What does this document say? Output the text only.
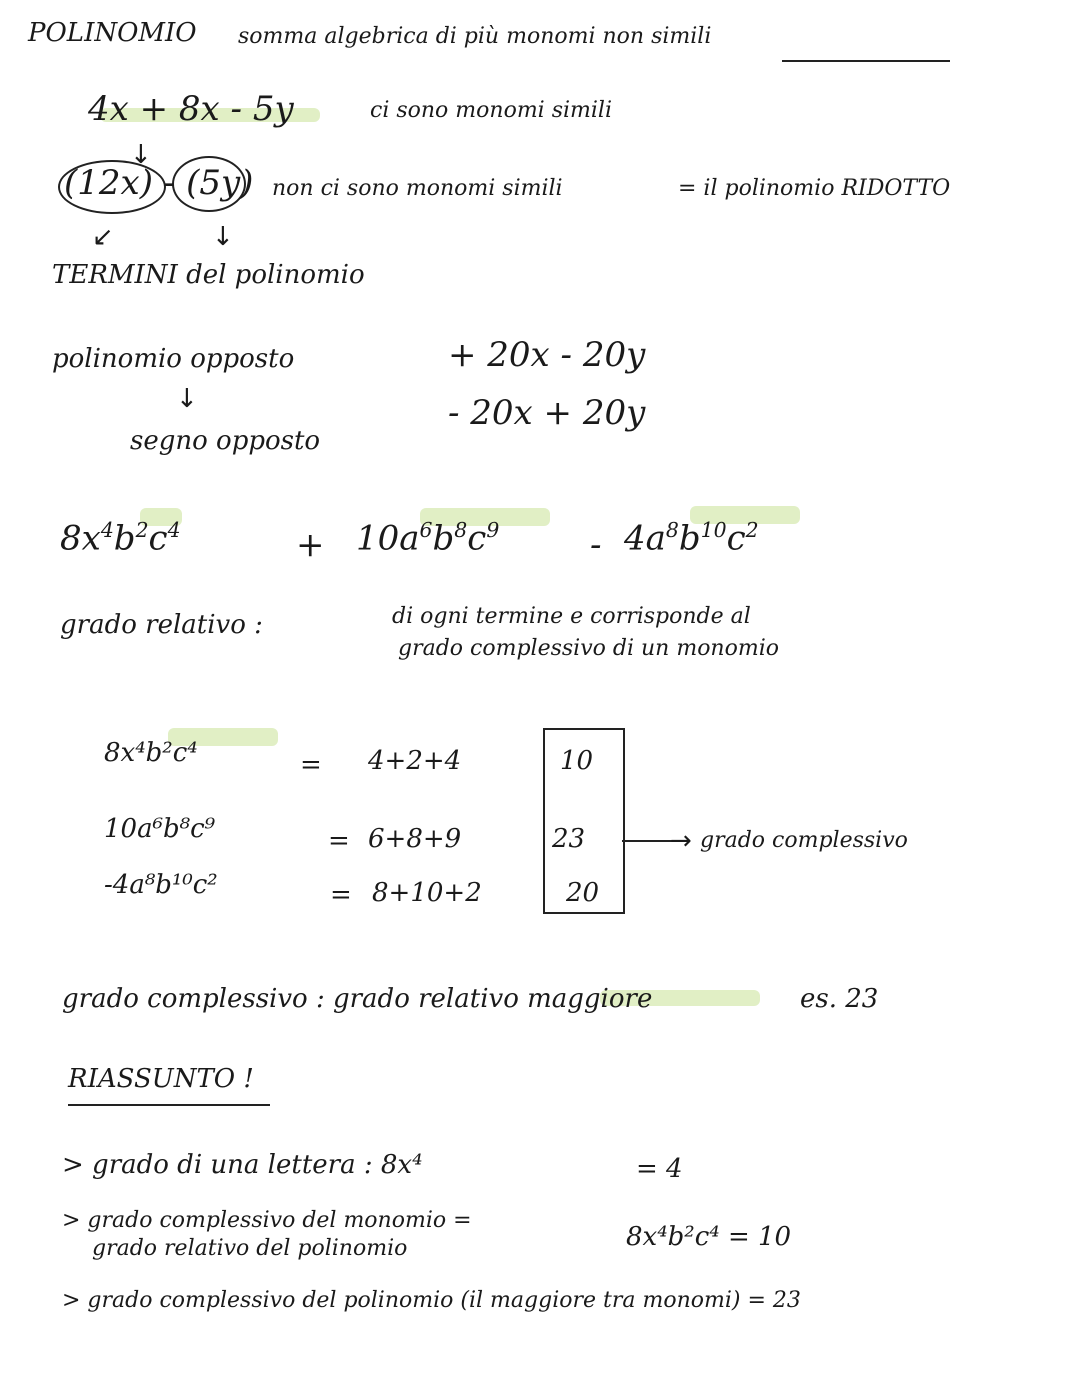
POLINOMIO somma algebrica di più monomi non simili
4x + 8x - 5y	ci sono monomi simili
↓
(12x) - (5y) non ci sono monomi simili	= il polinomio RIDOTTO
↙	↓
TERMINI del polinomio
polinomio opposto
↓
segno opposto
+ 20x - 20y
- 20x + 20y
$8x^4b^2c^4$	+ $10a^6b^8c^9$	- $4a^8b^{10}c^2$
grado relativo :	di ogni termine e corrisponde al
grado complessivo di un monomio
8x⁴b²c⁴	= 4+2+4	10
10a⁶b⁸c⁹	= 6+8+9	23
-4a⁸b¹⁰c²	= 8+10+2	20
→ grado complessivo
grado complessivo : grado relativo maggiore	es. 23
RIASSUNTO !
> grado di una lettera : 8x⁴	= 4
> grado complessivo del monomio =
grado relativo del polinomio	8x⁴b²c⁴ = 10
> grado complessivo del polinomio (il maggiore tra monomi) = 23
